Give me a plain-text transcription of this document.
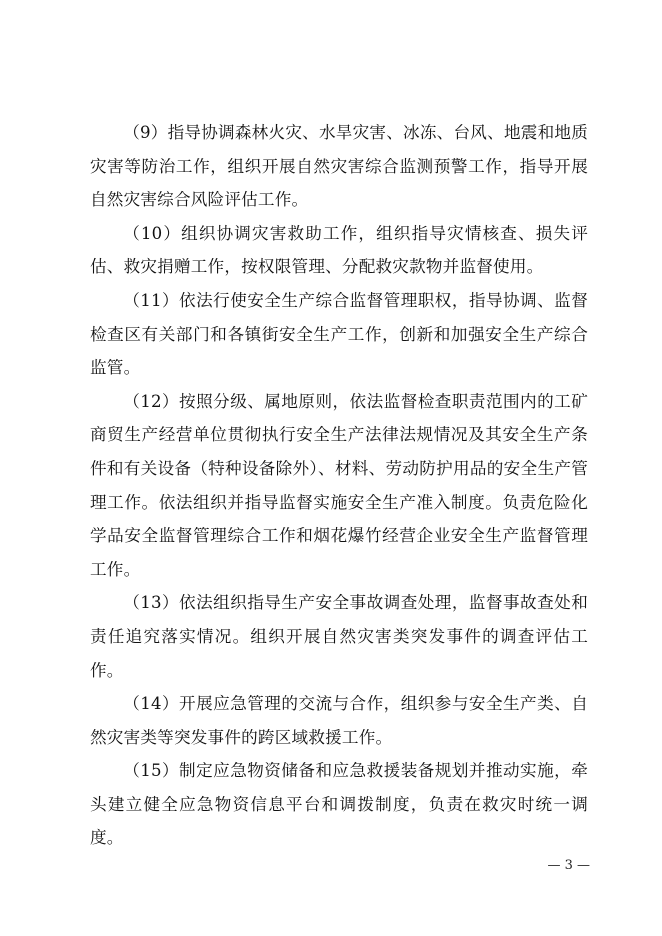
（9）指导协调森林火灾、水旱灾害、冰冻、台风、地震和地质灾害等防治工作，组织开展自然灾害综合监测预警工作，指导开展自然灾害综合风险评估工作。

（10）组织协调灾害救助工作，组织指导灾情核查、损失评估、救灾捐赠工作，按权限管理、分配救灾款物并监督使用。

（11）依法行使安全生产综合监督管理职权，指导协调、监督检查区有关部门和各镇街安全生产工作，创新和加强安全生产综合监管。

（12）按照分级、属地原则，依法监督检查职责范围内的工矿商贸生产经营单位贯彻执行安全生产法律法规情况及其安全生产条件和有关设备（特种设备除外）、材料、劳动防护用品的安全生产管理工作。依法组织并指导监督实施安全生产准入制度。负责危险化学品安全监督管理综合工作和烟花爆竹经营企业安全生产监督管理工作。

（13）依法组织指导生产安全事故调查处理，监督事故查处和责任追究落实情况。组织开展自然灾害类突发事件的调查评估工作。

（14）开展应急管理的交流与合作，组织参与安全生产类、自然灾害类等突发事件的跨区域救援工作。

（15）制定应急物资储备和应急救援装备规划并推动实施，牵头建立健全应急物资信息平台和调拨制度，负责在救灾时统一调度。

— 3 —
